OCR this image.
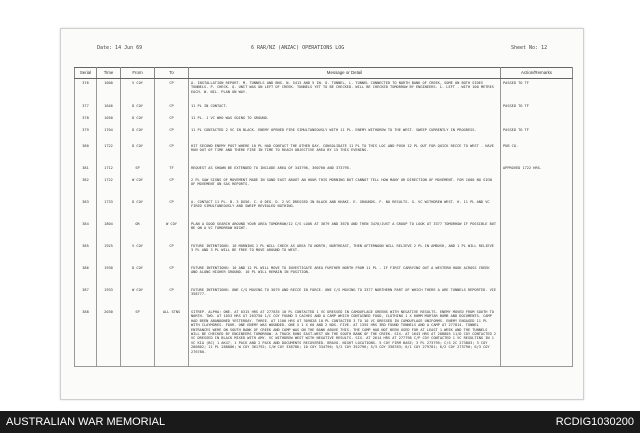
Date: 14 Jun 69	6 RAR/NZ (ANZAC) OPERATIONS LOG	Sheet No: 12
Serial	Time	From	To	Message or Detail	Action/Remarks
376	1600	V COY	CP	A. INSTALLATION REPORT. M. TUNNELS AND BNS. N. 5413 AND 5 IN. O. TUNNEL, L. TUNNEL CONNECTED TO NORTH BANK OF CREEK, SOME ON BOTH SIDES TUNNELS. P. CHECK. Q. UNIT WAS ON LEFT OF CREEK. TUNNELS YET TO BE CHECKED. WILL BE CHECKED TOMORROW BY ENGINEERS. L. LEFT - WITH 100 METRES EACH. W. NIL. PLAN ON WAY.	PASSED TO TF
377	1646	D COY	CP	11 PL IN CONTACT.	PASSED TO TF
378	1650	D COY	CP	11 PL. 1 VC WHO WAS GOING TO GROUND.	
379	1704	D COY	CP	11 PL CONTACTED 2 VC IN BLACK. ENEMY OPENED FIRE SIMULTANEOUSLY WITH 11 PL. ENEMY WITHDREW TO THE WEST. SWEEP CURRENTLY IN PROGRESS.	PASSED TO TF
380	1722	D COY	CP	HIT SECOND ENEMY POST WHERE 10 PL HAD CONTACT THE OTHER DAY. CONSOLIDATE 11 PL TO THIS LOC AND PUSH 12 PL OUT FOR QUICK RECCE TO WEST - HAVE RUN OUT OF TIME AND THERE FIRE IN TIME TO REACH OBJECTIVE AREA BY 15 THIS EVENING.	PUB CO.
381	1712	SP	TF	REQUEST AS SHOWN BE EXTENDED TO INCLUDE AREA OF 343796, 360760 AND 373795.	APPROVED 1722 HRS.
382	1722	W COY	CP	2 PL SAW SIGNS OF MOVEMENT MADE IN SAND EAST ABOUT AN HOUR THIS MORNING BUT CANNOT TELL HOW MANY OR DIRECTION OF MOVEMENT. FOR 1600 NO SIGN OF MOVEMENT ON SAS REPORTS.	
383	1733	D COY	CP	A. CONTACT 11 PL. B. 3 DG56. C. 0 DEG. D. 2 VC DRESSED IN BLACK AND KHAKI. E. GROUNDS. F. NO RESULTS. G. VC WITHDREW WEST. H. 11 PL AND VC FIRED SIMULTANEOUSLY AND SWEEP REVEALED NOTHING.	
384	1804	OR	W COY	PLAN A GOOD SEARCH AROUND YOUR AREA TOMORROW/12 C/S LOOK AT 3679 AND 3678 AND THEN 3476/JUST A GROUP TO LOOK AT 3377 TOMORROW IF POSSIBLE BUT BE ON A VC TOMORROW NIGHT.	
385	1925	V COY	CP	FUTURE INTENTIONS: 10 MORNING 1 PL WILL CHECK AS AREA TO NORTH, NORTHEAST, THEN AFTERNOON WILL RELIEVE 2 PL IN AMBUSH, AND 1 PL WILL RELIEVE 3 PL AND 3 PL WILL BE FREE TO MOVE AROUND TO WEST.	
386	1930	D COY	CP	FUTURE INTENTIONS: 10 AND 12 PL WILL MOVE TO INVESTIGATE AREA FURTHER NORTH FROM 11 PL - IF FIRST CARRYING OUT A WESTERN HOOK ACROSS CREEK AND ALONG HIGHER GROUND. 10 PL WILL REMAIN IN POSITION.	
387	1933	W COY	CP	FUTURE INTENTIONS: ONE C/S MOVING TO 3679 AND RECCE IN FORCE. ONE C/S MOVING TO 3377 NORTHERN PART OF WHICH THERE A ARE TUNNELS REPORTED. VIE 358777.	
388	2030	SP	ALL STNS	SITREP. ALPHA: ONE. AT 0315 HRS AT 277835 10 PL CONTACTED 1 VC DRESSED IN CAMOUFLAGE GREENS WITH NEGATIVE RESULTS. ENEMY MOVED FROM SOUTH TO NORTH. TWO. AT 1053 HRS AT 263750 1/C COY FOUND 3 CACHES AND A CAMP WHICH CONTAINED FOOD, CLOTHING 1 X 60MM MORTAR BOMB AND DOCUMENTS. CAMP HAD BEEN ABANDONED YESTERDAY. THREE. AT 1100 HRS AT 309828 10 PL CONTACTED 3 TO 10 VC DRESSED IN CAMOUFLAGE UNIFORMS. ENEMY ENGAGED 11 PL WITH CLAYMORES. FOUR. ONE ENEMY WAS WOUNDED. ONE X 1 X 60 AND 2 NOS. FIVE. AT 1355 HRS 3RD FOUND TUNNELS AND A CAMP AT 277814. TUNNEL ENTRANCES WERE ON SOUTH BANK OF CREEK AND CAMP WAS ON THE BANK ABOVE THIS. THE CAMP HAD NOT BEEN USED FOR AT LEAST 1 WEEK AND THE TUNNELS WILL BE CHECKED BY ENGINEERS TOMORROW. A TRACK RUNS EAST-WEST ON THE SOUTH BANK OF THE CREEK. SIX. AT 1643 HRS AT 288805 11/D COY CONTACTED 2 VC DRESSED IN BLACK MIXED WITH AMY. VC WITHDREW WEST WITH NEGATIVE RESULTS. SIX. AT 2614 HRS AT 277798 C/P COY CONTACTED 1 VC RESULTING IN 1 VC KIA (BC) 1 AK47, 1 PACK AND 2 PACK AND DOCUMENTS RECOVERED. BRAVO. NIGHT LOCATIONS. 5 COY FIRM BASE; 3 PL 273795; C/S 2C 273803; 3 COY 286802; 11 PL 288806; W COY 361792; C/W COY 338786; 10 COY 334796; 5/2 COY 352796; 5/3 COY 338783; 6/1 COY 279781; 6/2 COY 273790; 6/3 COY 276780.	
AUSTRALIAN WAR MEMORIAL	RCDIG1030200
